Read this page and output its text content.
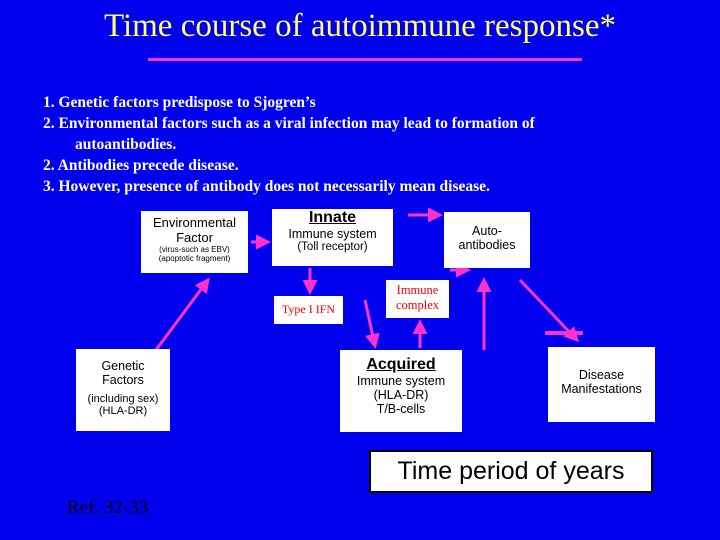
Time course of autoimmune response*
1. Genetic factors predispose to Sjogren’s
2. Environmental factors such as a viral infection may lead to formation of
autoantibodies.
2. Antibodies precede disease.
3. However, presence of antibody does not necessarily mean disease.
Environmental
Factor
(virus-such as EBV)
(apoptotic fragment)
Innate
Immune system
(Toll receptor)
Auto-
antibodies
Type I IFN
Immune
complex
Genetic
Factors
(including sex)
(HLA-DR)
Acquired
Immune system
(HLA-DR)
T/B-cells
Disease
Manifestations
Time period of years
Ref. 32-33
